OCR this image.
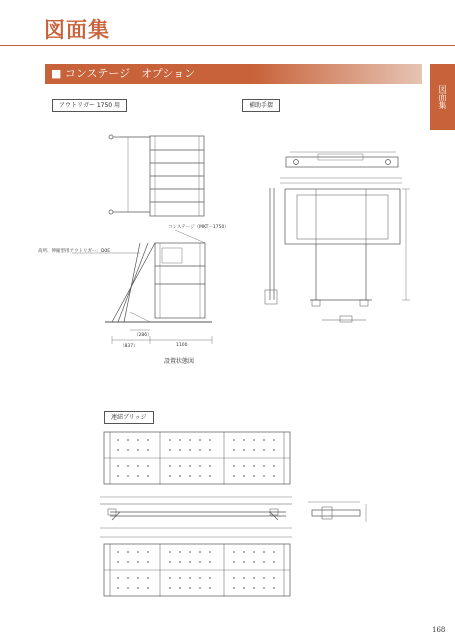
図面集
図面集
■ コンステージ　オプション
アウトリガー 1750 用	補助手摺
連結ブリッジ
コンステージ（MKT－1750）
高所、伸縮型用アウトリガー：D0E
（286）
（837）	1100
設置状態図
168
